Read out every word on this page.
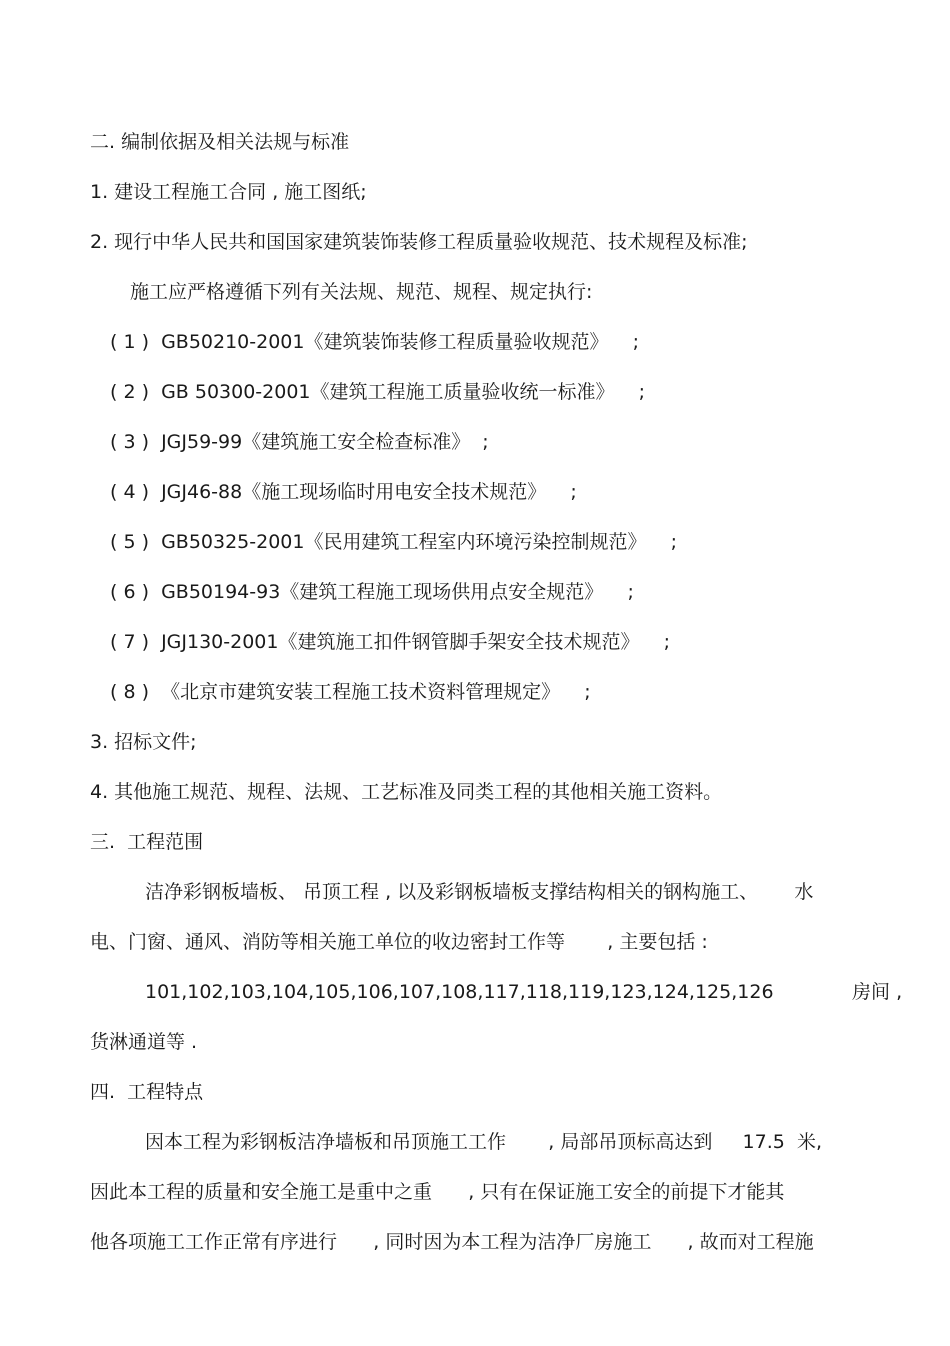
二. 编制依据及相关法规与标准
1. 建设工程施工合同 , 施工图纸;
2. 现行中华人民共和国国家建筑装饰装修工程质量验收规范、技术规程及标准;
施工应严格遵循下列有关法规、规范、规程、规定执行:
( 1 )  GB50210-2001《建筑装饰装修工程质量验收规范》    ;
( 2 )  GB 50300-2001《建筑工程施工质量验收统一标准》    ;
( 3 )  JGJ59-99《建筑施工安全检查标准》  ;
( 4 )  JGJ46-88《施工现场临时用电安全技术规范》    ;
( 5 )  GB50325-2001《民用建筑工程室内环境污染控制规范》    ;
( 6 )  GB50194-93《建筑工程施工现场供用点安全规范》    ;
( 7 )  JGJ130-2001《建筑施工扣件钢管脚手架安全技术规范》    ;
( 8 )  《北京市建筑安装工程施工技术资料管理规定》    ;
3. 招标文件;
4. 其他施工规范、规程、法规、工艺标准及同类工程的其他相关施工资料。
三.  工程范围
洁净彩钢板墙板、 吊顶工程 , 以及彩钢板墙板支撑结构相关的钢构施工、      水
电、门窗、通风、消防等相关施工单位的收边密封工作等       , 主要包括 :
101,102,103,104,105,106,107,108,117,118,119,123,124,125,126             房间 ,
货淋通道等 .
四.  工程特点
因本工程为彩钢板洁净墙板和吊顶施工工作       , 局部吊顶标高达到     17.5  米,
因此本工程的质量和安全施工是重中之重      , 只有在保证施工安全的前提下才能其
他各项施工工作正常有序进行      , 同时因为本工程为洁净厂房施工      , 故而对工程施
